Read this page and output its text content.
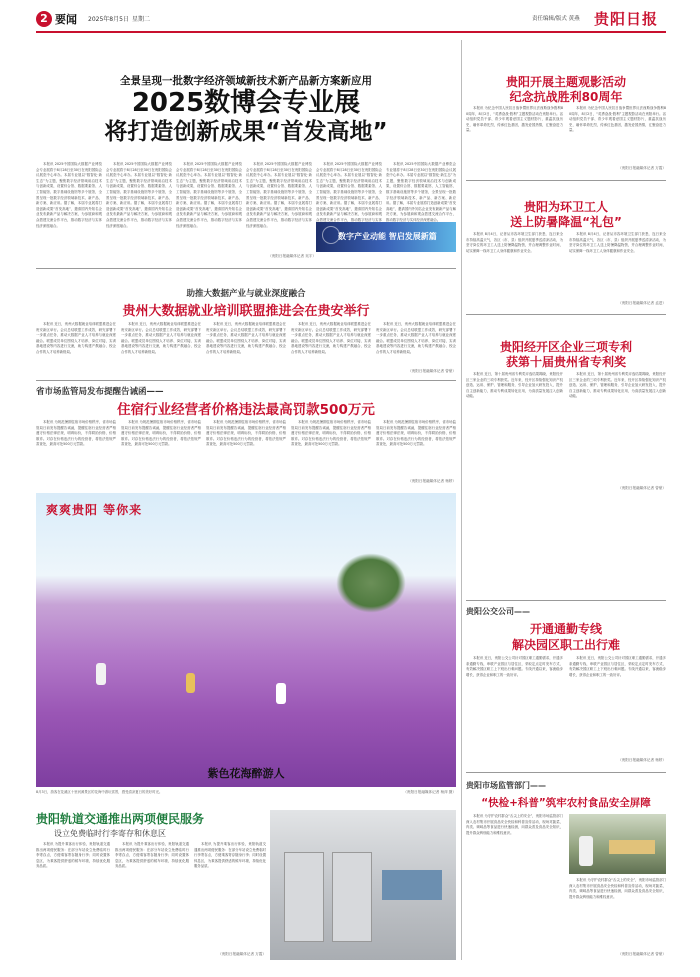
2 要闻 2025年8月5日 星期二	责任编辑/版式 黄燕 贵阳日报
全景呈现一批数字经济领域新技术新产品新方案新应用
2025数博会专业展
将打造创新成果“首发高地”

本报讯 2025中国国际大数据产业博览会专业展将于8月28日至30日在贵阳国际会议展览中心举办。本届专业展以“数智化·新生态”为主题，聚焦数字经济领域前沿技术与创新成果，设置综合馆、数据要素馆、人工智能馆、数字基础设施馆等多个展馆，全景呈现一批数字经济领域新技术、新产品、新方案、新应用。据了解，本届专业展将打造创新成果“首发高地”，邀请国内外知名企业发布最新产品与解决方案，为参展商和观众搭建交流合作平台，推动数字经济与实体经济深度融合。

本报讯 2025中国国际大数据产业博览会专业展将于8月28日至30日在贵阳国际会议展览中心举办。本届专业展以“数智化·新生态”为主题，聚焦数字经济领域前沿技术与创新成果，设置综合馆、数据要素馆、人工智能馆、数字基础设施馆等多个展馆，全景呈现一批数字经济领域新技术、新产品、新方案、新应用。据了解，本届专业展将打造创新成果“首发高地”，邀请国内外知名企业发布最新产品与解决方案，为参展商和观众搭建交流合作平台，推动数字经济与实体经济深度融合。

本报讯 2025中国国际大数据产业博览会专业展将于8月28日至30日在贵阳国际会议展览中心举办。本届专业展以“数智化·新生态”为主题，聚焦数字经济领域前沿技术与创新成果，设置综合馆、数据要素馆、人工智能馆、数字基础设施馆等多个展馆，全景呈现一批数字经济领域新技术、新产品、新方案、新应用。据了解，本届专业展将打造创新成果“首发高地”，邀请国内外知名企业发布最新产品与解决方案，为参展商和观众搭建交流合作平台，推动数字经济与实体经济深度融合。

本报讯 2025中国国际大数据产业博览会专业展将于8月28日至30日在贵阳国际会议展览中心举办。本届专业展以“数智化·新生态”为主题，聚焦数字经济领域前沿技术与创新成果，设置综合馆、数据要素馆、人工智能馆、数字基础设施馆等多个展馆，全景呈现一批数字经济领域新技术、新产品、新方案、新应用。据了解，本届专业展将打造创新成果“首发高地”，邀请国内外知名企业发布最新产品与解决方案，为参展商和观众搭建交流合作平台，推动数字经济与实体经济深度融合。

本报讯 2025中国国际大数据产业博览会专业展将于8月28日至30日在贵阳国际会议展览中心举办。本届专业展以“数智化·新生态”为主题，聚焦数字经济领域前沿技术与创新成果，设置综合馆、数据要素馆、人工智能馆、数字基础设施馆等多个展馆，全景呈现一批数字经济领域新技术、新产品、新方案、新应用。据了解，本届专业展将打造创新成果“首发高地”，邀请国内外知名企业发布最新产品与解决方案，为参展商和观众搭建交流合作平台，推动数字经济与实体

本报讯 2025中国国际大数据产业博览会专业展将于8月28日至30日在贵阳国际会议展览中心举办。本届专业展以“数智化·新生态”为主题，聚焦数字经济领域前沿技术与创新成果，设置综合馆、数据要素馆、人工智能馆、数字基础设施馆等多个展馆，全景呈现一批数字经济领域新技术、新产品、新方案、新应用。据了解，本届专业展将打造创新成果“首发高地”，邀请国内外知名企业发布最新产品与解决方案，为参展商和观众搭建交流合作平台，推动数字经济与实体经济深度融合。

数字产业动能 智启发展新篇
（贵阳日报融媒体记者 吴宇）
贵阳开展主题观影活动
纪念抗战胜利80周年

本报讯 为纪念中国人民抗日战争暨世界反法西斯战争胜利80周年，8月2日，“英勇奋战·胜利”主题观影活动在贵阳举行。活动组织党员干部、青少年观看爱国主义题材影片，重温抗战历史，缅怀革命先烈，传承红色基因，激发爱国热情，汇聚奋进力量。

本报讯 为纪念中国人民抗日战争暨世界反法西斯战争胜利80周年，8月2日，“英勇奋战·胜利”主题观影活动在贵阳举行。活动组织党员干部、青少年观看爱国主义题材影片，重温抗战历史，缅怀革命先烈，传承红色基因，激发爱国热情，汇聚奋进力量。

（贵阳日报融媒体记者 万霞）
贵阳为环卫工人
送上防暑降温“礼包”

本报讯 8月4日，记者从市容环境卫生部门获悉，连日来全市持续高温天气，各区（市、县）组织开展夏季送清凉活动，为坚守岗位的环卫工人送上防暑降温物资，并合理调整作业时间，切实保障一线环卫工人身体健康和作业安全。

本报讯 8月4日，记者从市容环境卫生部门获悉，连日来全市持续高温天气，各区（市、县）组织开展夏季送清凉活动，为坚守岗位的环卫工人送上防暑降温物资，并合理调整作业时间，切实保障一线环卫工人身体健康和作业安全。

（贵阳日报融媒体记者 孟进）
贵阳经开区企业三项专利
获第十届贵州省专利奖

本报讯 近日，第十届贵州省专利奖评选结果揭晓，贵阳经开区三家企业的三项专利获奖。近年来，经开区持续强化知识产权创造、运用、保护、管理和服务，引导企业加大研发投入，提升自主创新能力，推动专利成果转化应用，为高质量发展注入创新动能。

本报讯 近日，第十届贵州省专利奖评选结果揭晓，贵阳经开区三家企业的三项专利获奖。近年来，经开区持续强化知识产权创造、运用、保护、管理和服务，引导企业加大研发投入，提升自主创新能力，推动专利成果转化应用，为高质量发展注入创新动能。

（贵阳日报融媒体记者 曾豪）
助推大数据产业与就业深度融合
贵州大数据就业培训联盟推进会在贵安举行

本报讯 近日，贵州大数据就业培训联盟推进会在贵安新区举行。会议总结联盟工作成效，研究部署下一步重点任务，推动大数据产业人才培养与就业深度融合。联盟成员单位围绕人才培养、岗位对接、实训基地建设等内容进行交流，助力构建产教融合、校企合作的人才培养新格局。

本报讯 近日，贵州大数据就业培训联盟推进会在贵安新区举行。会议总结联盟工作成效，研究部署下一步重点任务，推动大数据产业人才培养与就业深度融合。联盟成员单位围绕人才培养、岗位对接、实训基地建设等内容进行交流，助力构建产教融合、校企合作的人才培养新格局。

本报讯 近日，贵州大数据就业培训联盟推进会在贵安新区举行。会议总结联盟工作成效，研究部署下一步重点任务，推动大数据产业人才培养与就业深度融合。联盟成员单位围绕人才培养、岗位对接、实训基地建设等内容进行交流，助力构建产教融合、校企合作的人才培养新格局。

本报讯 近日，贵州大数据就业培训联盟推进会在贵安新区举行。会议总结联盟工作成效，研究部署下一步重点任务，推动大数据产业人才培养与就业深度融合。联盟成员单位围绕人才培养、岗位对接、实训基地建设等内容进行交流，助力构建产教融合、校企合作的人才培养新格局。

本报讯 近日，贵州大数据就业培训联盟推进会在贵安新区举行。会议总结联盟工作成效，研究部署下一步重点任务，推动大数据产业人才培养与就业深度融合。联盟成员单位围绕人才培养、岗位对接、实训基地建设等内容进行交流，助力构建产教融合、校企合作的人才培养新格局。

（贵阳日报融媒体记者 曾豪）
省市场监管局发布提醒告诫函——
住宿行业经营者价格违法最高罚款500万元

本报讯 为规范暑期住宿市场价格秩序，省市场监管局日前发布提醒告诫函，提醒住宿行业经营者严格遵守价格法律法规，明码标价，不得哄抬价格、价格欺诈。对存在价格违法行为的经营者，将依法依规严肃查处，最高可处500万元罚款。

本报讯 为规范暑期住宿市场价格秩序，省市场监管局日前发布提醒告诫函，提醒住宿行业经营者严格遵守价格法律法规，明码标价，不得哄抬价格、价格欺诈。对存在价格违法行为的经营者，将依法依规严肃查处，最高可处500万元罚款。

本报讯 为规范暑期住宿市场价格秩序，省市场监管局日前发布提醒告诫函，提醒住宿行业经营者严格遵守价格法律法规，明码标价，不得哄抬价格、价格欺诈。对存在价格违法行为的经营者，将依法依规严肃查处，最高可处500万元罚款。

本报讯 为规范暑期住宿市场价格秩序，省市场监管局日前发布提醒告诫函，提醒住宿行业经营者严格遵守价格法律法规，明码标价，不得哄抬价格、价格欺诈。对存在价格违法行为的经营者，将依法依规严肃查处，最高可处500万元罚款。

本报讯 为规范暑期住宿市场价格秩序，省市场监管局日前发布提醒告诫函，提醒住宿行业经营者严格遵守价格法律法规，明码标价，不得哄抬价格、价格欺诈。对存在价格违法行为的经营者，将依法依规严肃查处，最高可处500万元罚款。

（贵阳日报融媒体记者 杨婷）
爽爽贵阳 等你来
紫色花海醉游人
8月3日，游客在花溪区十里河滩景区的花海中游玩赏景，感受清凉夏日的美好时光。	（贵阳日报融媒体记者 杨萍 摄）
贵阳轨道交通推出两项便民服务
设立免费临时行李寄存和休息区

本报讯 为提升乘客出行体验，贵阳轨道交通推出两项便民服务：在部分车站设立免费临时行李寄存点，方便乘客寄存随身行李；同时设置休息区，为乘客提供舒适的候车环境，持续优化服务品质。

本报讯 为提升乘客出行体验，贵阳轨道交通推出两项便民服务：在部分车站设立免费临时行李寄存点，方便乘客寄存随身行李；同时设置休息区，为乘客提供舒适的候车环境，持续优化服务品质。

本报讯 为提升乘客出行体验，贵阳轨道交通推出两项便民服务：在部分车站设立免费临时行李寄存点，方便乘客寄存随身行李；同时设置休息区，为乘客提供舒适的候车环境，持续优化服务品质。

（贵阳日报融媒体记者 万霞）
贵阳公交公司——
开通通勤专线
解决园区职工出行难

本报讯 近日，贵阳公交公司针对园区职工通勤需求，开通多条通勤专线，串联产业园区与居住区，采取定点定时发车方式，有效解决园区职工上下班出行难问题。专线开通以来，客流稳步增长，获得企业和职工的一致好评。

本报讯 近日，贵阳公交公司针对园区职工通勤需求，开通多条通勤专线，串联产业园区与居住区，采取定点定时发车方式，有效解决园区职工上下班出行难问题。专线开通以来，客流稳步增长，获得企业和职工的一致好评。

（贵阳日报融媒体记者 杨婷）
贵阳市场监管部门——
“快检+科普”筑牢农村食品安全屏障

本报讯 为守护农村群众“舌尖上的安全”，贵阳市场监管部门深入农村集市开展食品安全快检和科普宣传活动，现场对蔬菜、肉类、调味品等食品进行快速检测，向群众普及食品安全知识，提升群众辨别能力和维权意识。

本报讯 为守护农村群众“舌尖上的安全”，贵阳市场监管部门深入农村集市开展食品安全快检和科普宣传活动，现场对蔬菜、肉类、调味品等食品进行快速检测，向群众普及食品安全知识，提升群众辨别能力和维权意识。

（贵阳日报融媒体记者 曾豪）
